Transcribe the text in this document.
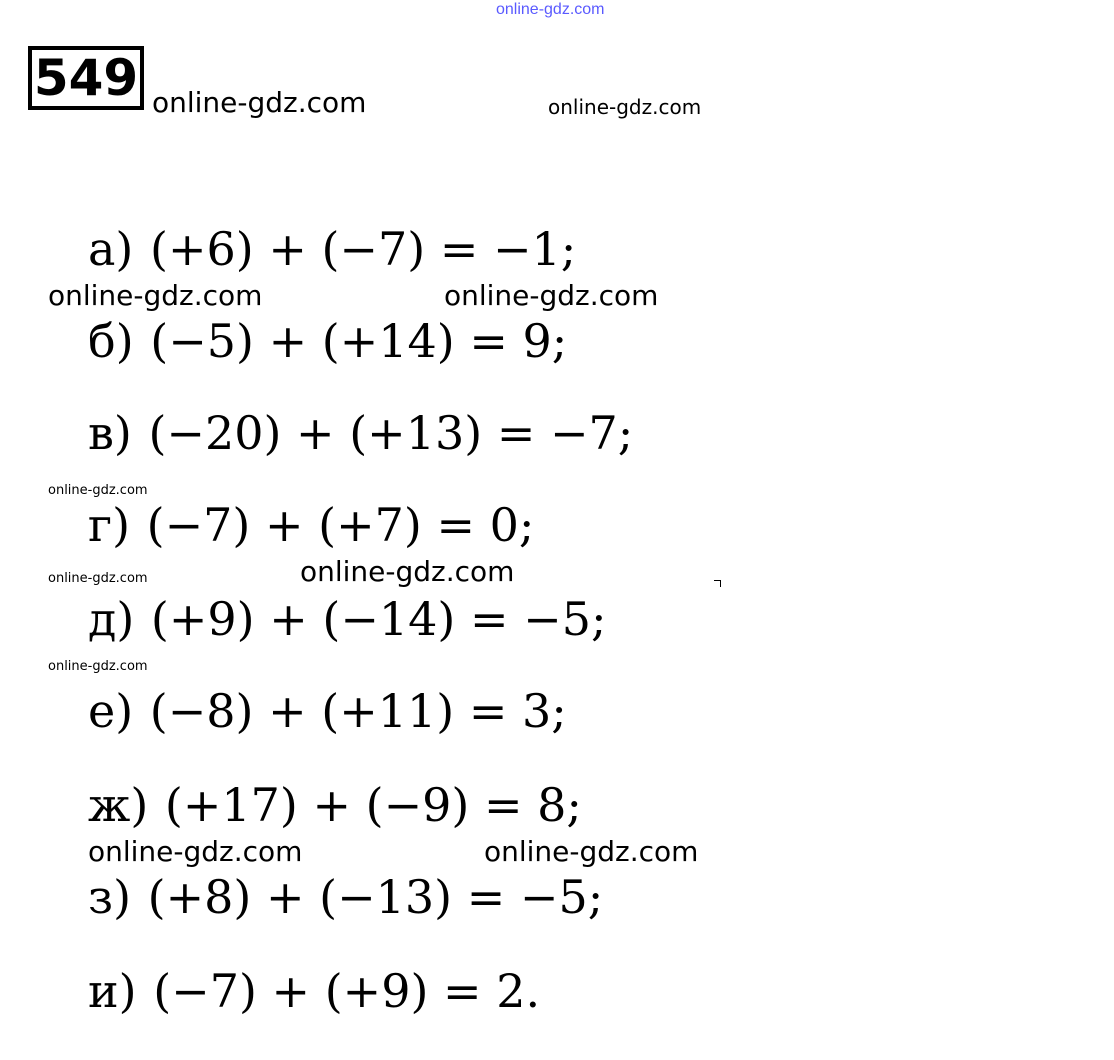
online-gdz.com
549 online-gdz.com	online-gdz.com
а) (+6) + (−7) = −1;
online-gdz.com	online-gdz.com
б) (−5) + (+14) = 9;
в) (−20) + (+13) = −7;
online-gdz.com
г) (−7) + (+7) = 0;
online-gdz.com	online-gdz.com
д) (+9) + (−14) = −5;
online-gdz.com
е) (−8) + (+11) = 3;
ж) (+17) + (−9) = 8;
online-gdz.com	online-gdz.com
з) (+8) + (−13) = −5;
и) (−7) + (+9) = 2.
